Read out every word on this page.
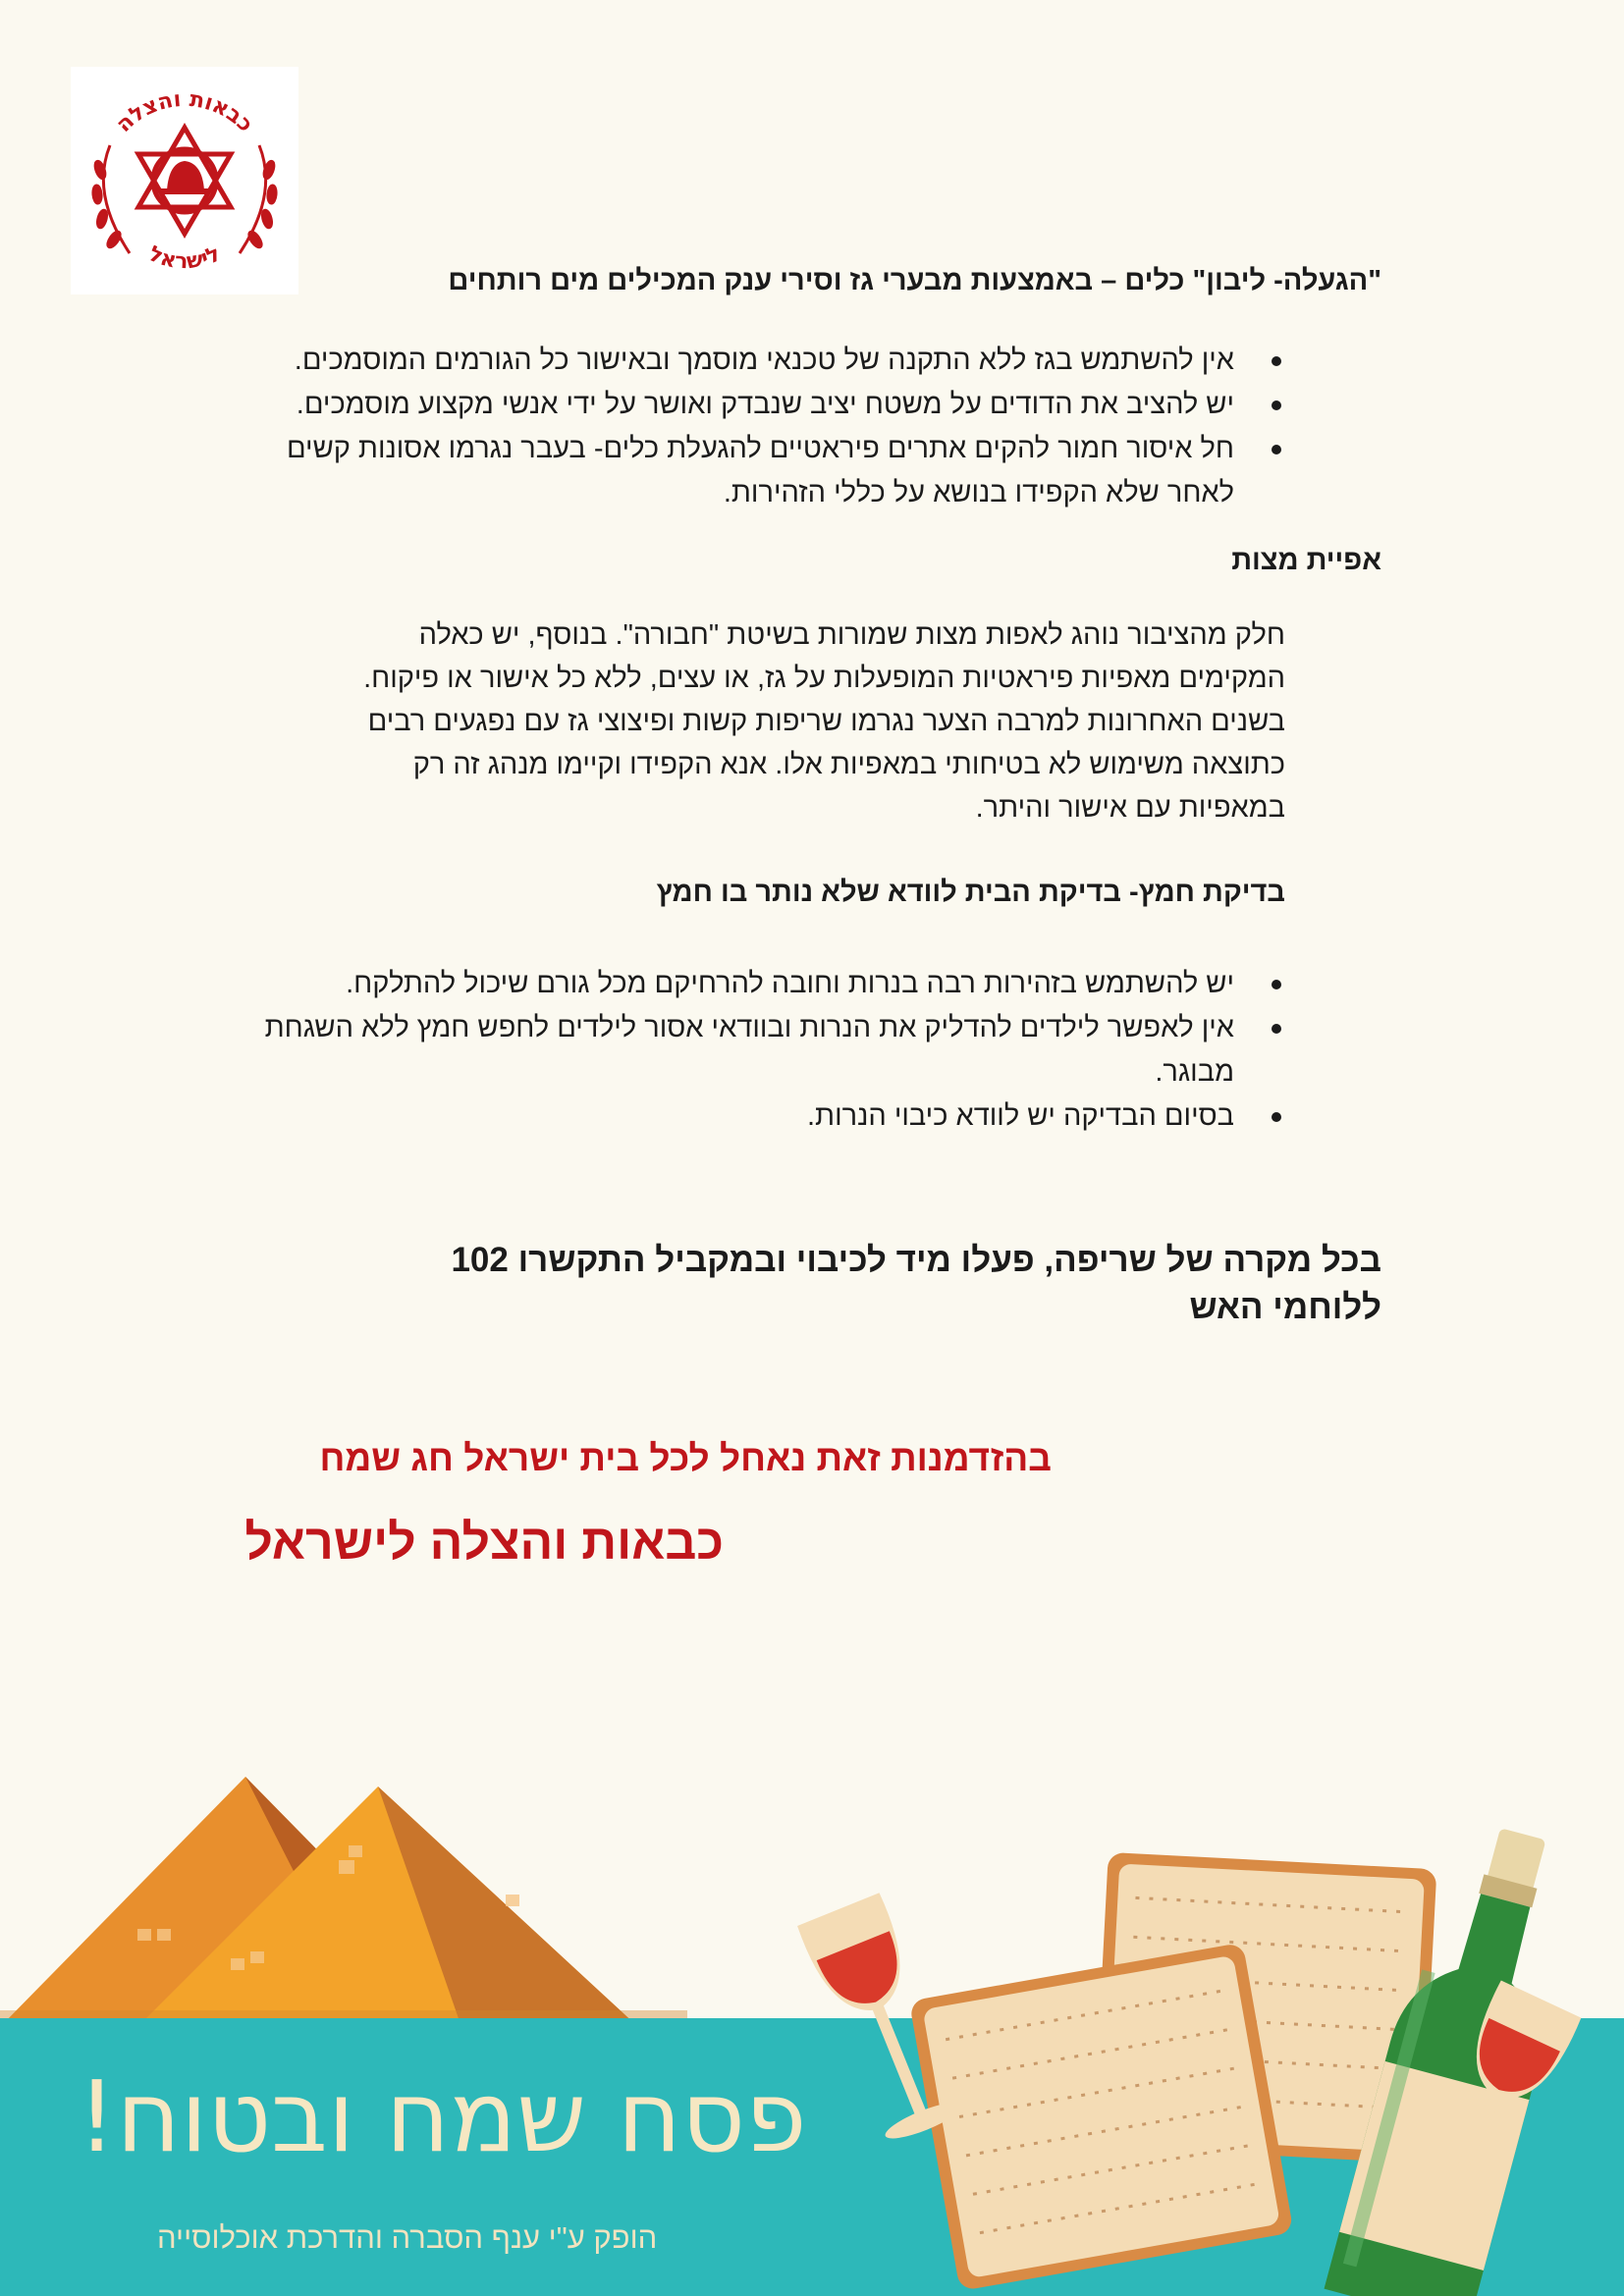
כבאות והצלה
לישראל
"הגעלה- ליבון" כלים – באמצעות מבערי גז וסירי ענק המכילים מים רותחים
אין להשתמש בגז ללא התקנה של טכנאי מוסמך ובאישור כל הגורמים המוסמכים.
יש להציב את הדודים על משטח יציב שנבדק ואושר על ידי אנשי מקצוע מוסמכים.
חל איסור חמור להקים אתרים פיראטיים להגעלת כלים- בעבר נגרמו אסונות קשים לאחר שלא הקפידו בנושא על כללי הזהירות.
אפיית מצות
חלק מהציבור נוהג לאפות מצות שמורות בשיטת "חבורה". בנוסף, יש כאלה
המקימים מאפיות פיראטיות המופעלות על גז, או עצים, ללא כל אישור או פיקוח.
בשנים האחרונות למרבה הצער נגרמו שריפות קשות ופיצוצי גז עם נפגעים רבים
כתוצאה משימוש לא בטיחותי במאפיות אלו. אנא הקפידו וקיימו מנהג זה רק
במאפיות עם אישור והיתר.
בדיקת חמץ- בדיקת הבית לוודא שלא נותר בו חמץ
יש להשתמש בזהירות רבה בנרות וחובה להרחיקם מכל גורם שיכול להתלקח.
אין לאפשר לילדים להדליק את הנרות ובוודאי אסור לילדים לחפש חמץ ללא השגחת מבוגר.
בסיום הבדיקה יש לוודא כיבוי הנרות.
בכל מקרה של שריפה, פעלו מיד לכיבוי ובמקביל התקשרו 102 ללוחמי האש
בהזדמנות זאת נאחל לכל בית ישראל חג שמח
כבאות והצלה לישראל
פסח שמח ובטוח!
הופק ע"י ענף הסברה והדרכת אוכלוסייה
